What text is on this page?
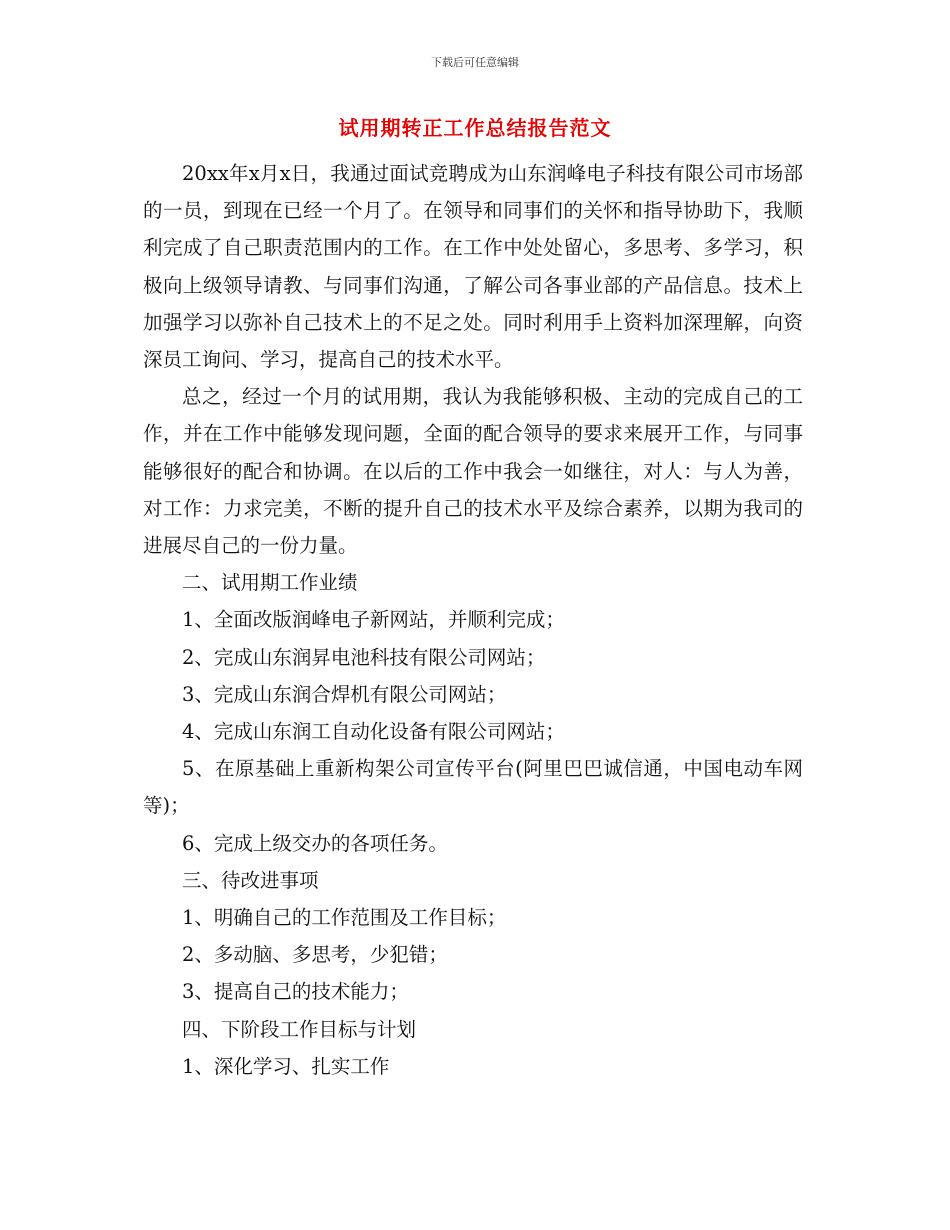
下载后可任意编辑
试用期转正工作总结报告范文

20xx年x月x日，我通过面试竞聘成为山东润峰电子科技有限公司市场部的一员，到现在已经一个月了。在领导和同事们的关怀和指导协助下，我顺利完成了自己职责范围内的工作。在工作中处处留心，多思考、多学习，积极向上级领导请教、与同事们沟通，了解公司各事业部的产品信息。技术上加强学习以弥补自己技术上的不足之处。同时利用手上资料加深理解，向资深员工询问、学习，提高自己的技术水平。

总之，经过一个月的试用期，我认为我能够积极、主动的完成自己的工作，并在工作中能够发现问题，全面的配合领导的要求来展开工作，与同事能够很好的配合和协调。在以后的工作中我会一如继往，对人：与人为善，对工作：力求完美，不断的提升自己的技术水平及综合素养，以期为我司的进展尽自己的一份力量。

二、试用期工作业绩

1、全面改版润峰电子新网站，并顺利完成；

2、完成山东润昇电池科技有限公司网站；

3、完成山东润合焊机有限公司网站；

4、完成山东润工自动化设备有限公司网站；

5、在原基础上重新构架公司宣传平台(阿里巴巴诚信通，中国电动车网等)；

6、完成上级交办的各项任务。

三、待改进事项

1、明确自己的工作范围及工作目标；

2、多动脑、多思考，少犯错；

3、提高自己的技术能力；

四、下阶段工作目标与计划

1、深化学习、扎实工作
